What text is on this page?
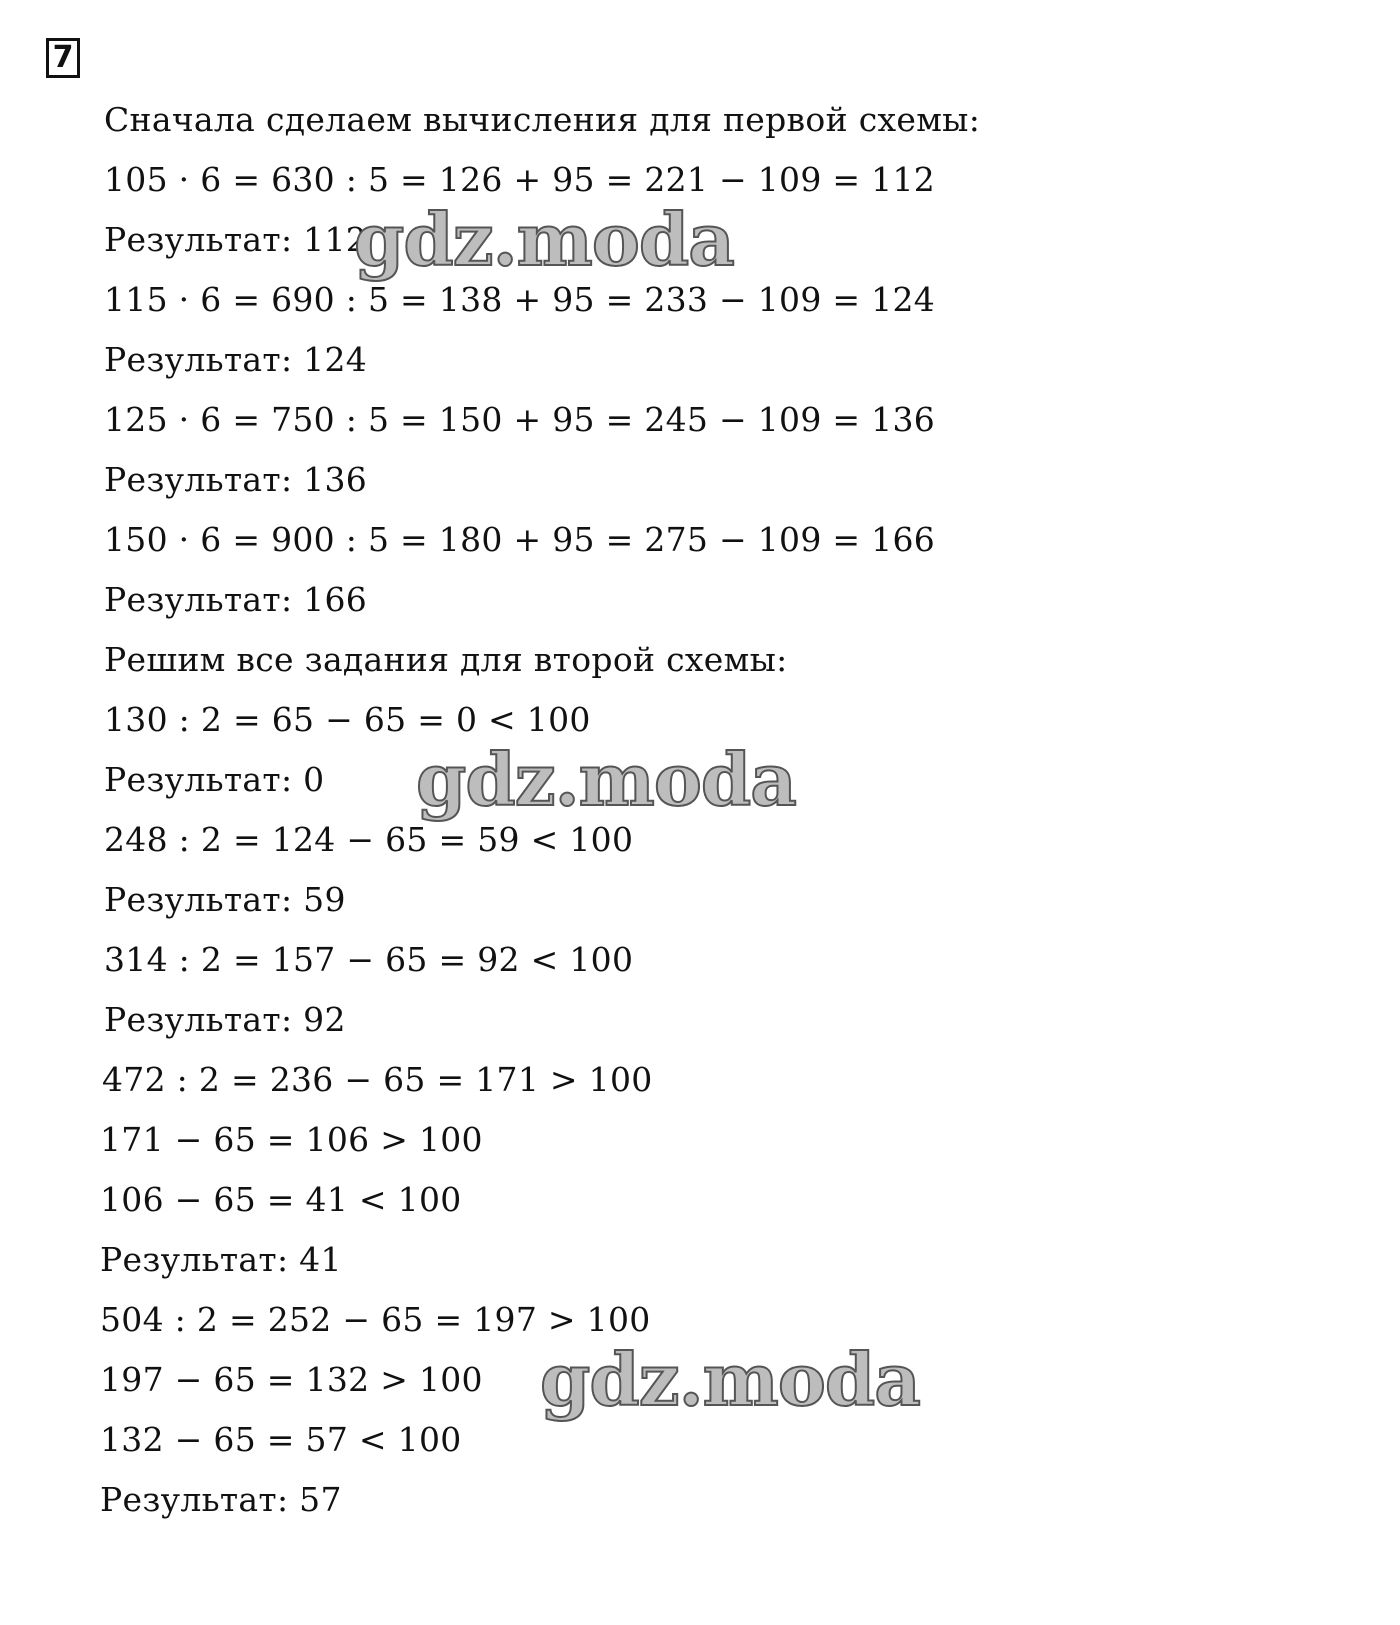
7
Сначала сделаем вычисления для первой схемы:
105 · 6 = 630 : 5 = 126 + 95 = 221 − 109 = 112
Результат: 112
115 · 6 = 690 : 5 = 138 + 95 = 233 − 109 = 124
Результат: 124
125 · 6 = 750 : 5 = 150 + 95 = 245 − 109 = 136
Результат: 136
150 · 6 = 900 : 5 = 180 + 95 = 275 − 109 = 166
Результат: 166
Решим все задания для второй схемы:
130 : 2 = 65 − 65 = 0 < 100
Результат: 0
248 : 2 = 124 − 65 = 59 < 100
Результат: 59
314 : 2 = 157 − 65 = 92 < 100
Результат: 92
472 : 2 = 236 − 65 = 171 > 100
171 − 65 = 106 > 100
106 − 65 = 41 < 100
Результат: 41
504 : 2 = 252 − 65 = 197 > 100
197 − 65 = 132 > 100
132 − 65 = 57 < 100
Результат: 57
gdz.moda
gdz.moda
gdz.moda
